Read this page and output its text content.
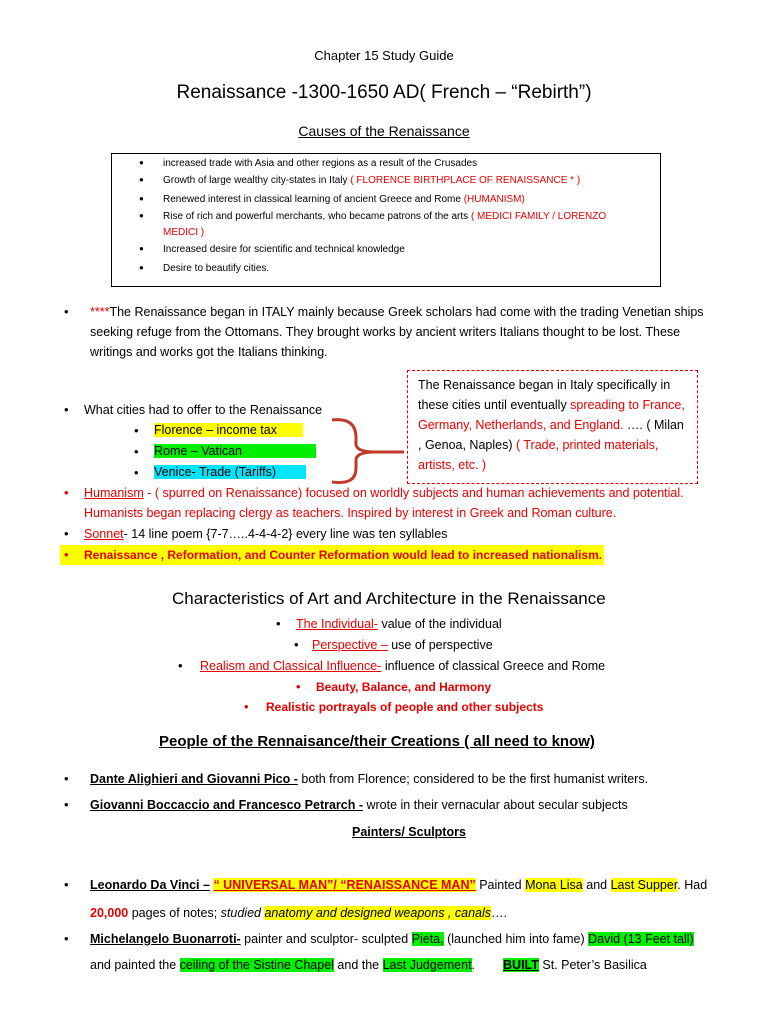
Chapter 15 Study Guide
Renaissance -1300-1650 AD( French – “Rebirth”)
Causes of the Renaissance
● increased trade with Asia and other regions as a result of the Crusades
● Growth of large wealthy city-states in Italy ( FLORENCE BIRTHPLACE OF RENAISSANCE * )
● Renewed interest in classical learning of ancient Greece and Rome (HUMANISM)
● Rise of rich and powerful merchants, who became patrons of the arts ( MEDICI FAMILY / LORENZO
MEDICI )
● Increased desire for scientific and technical knowledge
● Desire to beautify cities.
• ****The Renaissance began in ITALY mainly because Greek scholars had come with the trading Venetian ships
seeking refuge from the Ottomans. They brought works by ancient writers Italians thought to be lost. These
writings and works got the Italians thinking.
• What cities had to offer to the Renaissance
• Florence – income tax
• Rome – Vatican
• Venice- Trade (Tariffs)
The Renaissance began in Italy specifically in
these cities until eventually spreading to France,
Germany, Netherlands, and England. …. ( Milan
, Genoa, Naples) ( Trade, printed materials,
artists, etc. )
• Humanism - ( spurred on Renaissance) focused on worldly subjects and human achievements and potential.
Humanists began replacing clergy as teachers. Inspired by interest in Greek and Roman culture.
• Sonnet- 14 line poem {7-7…..4-4-4-2} every line was ten syllables
• Renaissance , Reformation, and Counter Reformation would lead to increased nationalism.
Characteristics of Art and Architecture in the Renaissance
• The Individual- value of the individual
• Perspective – use of perspective
• Realism and Classical Influence- influence of classical Greece and Rome
• Beauty, Balance, and Harmony
• Realistic portrayals of people and other subjects
People of the Rennaisance/their Creations ( all need to know)
• Dante Alighieri and Giovanni Pico - both from Florence; considered to be the first humanist writers.
• Giovanni Boccaccio and Francesco Petrarch - wrote in their vernacular about secular subjects
Painters/ Sculptors
• Leonardo Da Vinci – “ UNIVERSAL MAN”/ “RENAISSANCE MAN” Painted Mona Lisa and Last Supper. Had
20,000 pages of notes; studied anatomy and designed weapons , canals….
• Michelangelo Buonarroti- painter and sculptor- sculpted Pieta, (launched him into fame) David (13 Feet tall)
and painted the ceiling of the Sistine Chapel and the Last Judgement. BUILT St. Peter’s Basilica
